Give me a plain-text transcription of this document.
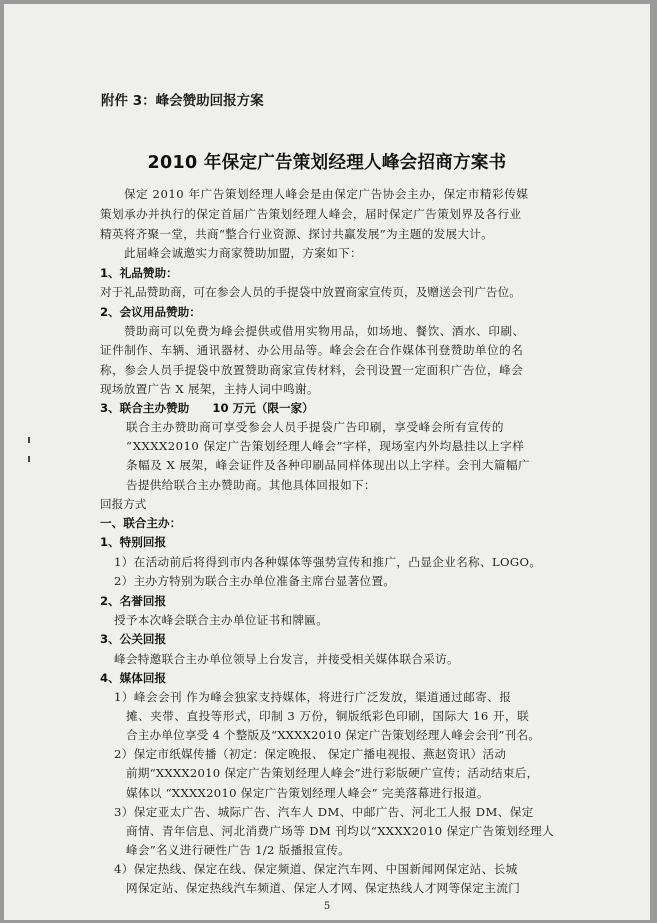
附件 3：峰会赞助回报方案
2010 年保定广告策划经理人峰会招商方案书

保定 2010 年广告策划经理人峰会是由保定广告协会主办，保定市精彩传媒

策划承办并执行的保定首届广告策划经理人峰会，届时保定广告策划界及各行业

精英将齐聚一堂，共商“整合行业资源、探讨共赢发展”为主题的发展大计。

此届峰会诚邀实力商家赞助加盟，方案如下：

1、礼品赞助：

对于礼品赞助商，可在参会人员的手提袋中放置商家宣传页，及赠送会刊广告位。

2、会议用品赞助：

赞助商可以免费为峰会提供或借用实物用品，如场地、餐饮、酒水、印刷、

证件制作、车辆、通讯器材、办公用品等。峰会会在合作媒体刊登赞助单位的名

称，参会人员手提袋中放置赞助商家宣传材料，会刊设置一定面积广告位，峰会

现场放置广告 X 展架，主持人词中鸣谢。

3、联合主办赞助　　10 万元（限一家）

联合主办赞助商可享受参会人员手提袋广告印刷，享受峰会所有宣传的

“XXXX2010 保定广告策划经理人峰会”字样，现场室内外均悬挂以上字样

条幅及 X 展架，峰会证件及各种印刷品同样体现出以上字样。会刊大篇幅广

告提供给联合主办赞助商。其他具体回报如下：

回报方式

一、联合主办：

1、特别回报

1）在活动前后将得到市内各种媒体等强势宣传和推广，凸显企业名称、LOGO。

2）主办方特别为联合主办单位准备主席台显著位置。

2、名誉回报

授予本次峰会联合主办单位证书和牌匾。

3、公关回报

峰会特邀联合主办单位领导上台发言，并接受相关媒体联合采访。

4、媒体回报

1）峰会会刊 作为峰会独家支持媒体，将进行广泛发放，渠道通过邮寄、报

摊、夹带、直投等形式，印制 3 万份，铜版纸彩色印刷，国际大 16 开，联

合主办单位享受 4 个整版及“XXXX2010 保定广告策划经理人峰会会刊”刊名。

2）保定市纸媒传播（初定：保定晚报、 保定广播电视报、燕赵资讯）活动

前期“XXXX2010 保定广告策划经理人峰会”进行彩版硬广宣传；活动结束后，

媒体以 “XXXX2010 保定广告策划经理人峰会” 完美落幕进行报道。

3）保定亚太广告、城际广告、汽车人 DM、中邮广告、河北工人报 DM、保定

商情、青年信息、河北消费广场等 DM 刊均以“XXXX2010 保定广告策划经理人

峰会”名义进行硬性广告 1/2 版播报宣传。

4）保定热线、保定在线、保定频道、保定汽车网、中国新闻网保定站、长城

网保定站、保定热线汽车频道、保定人才网、保定热线人才网等保定主流门

5
